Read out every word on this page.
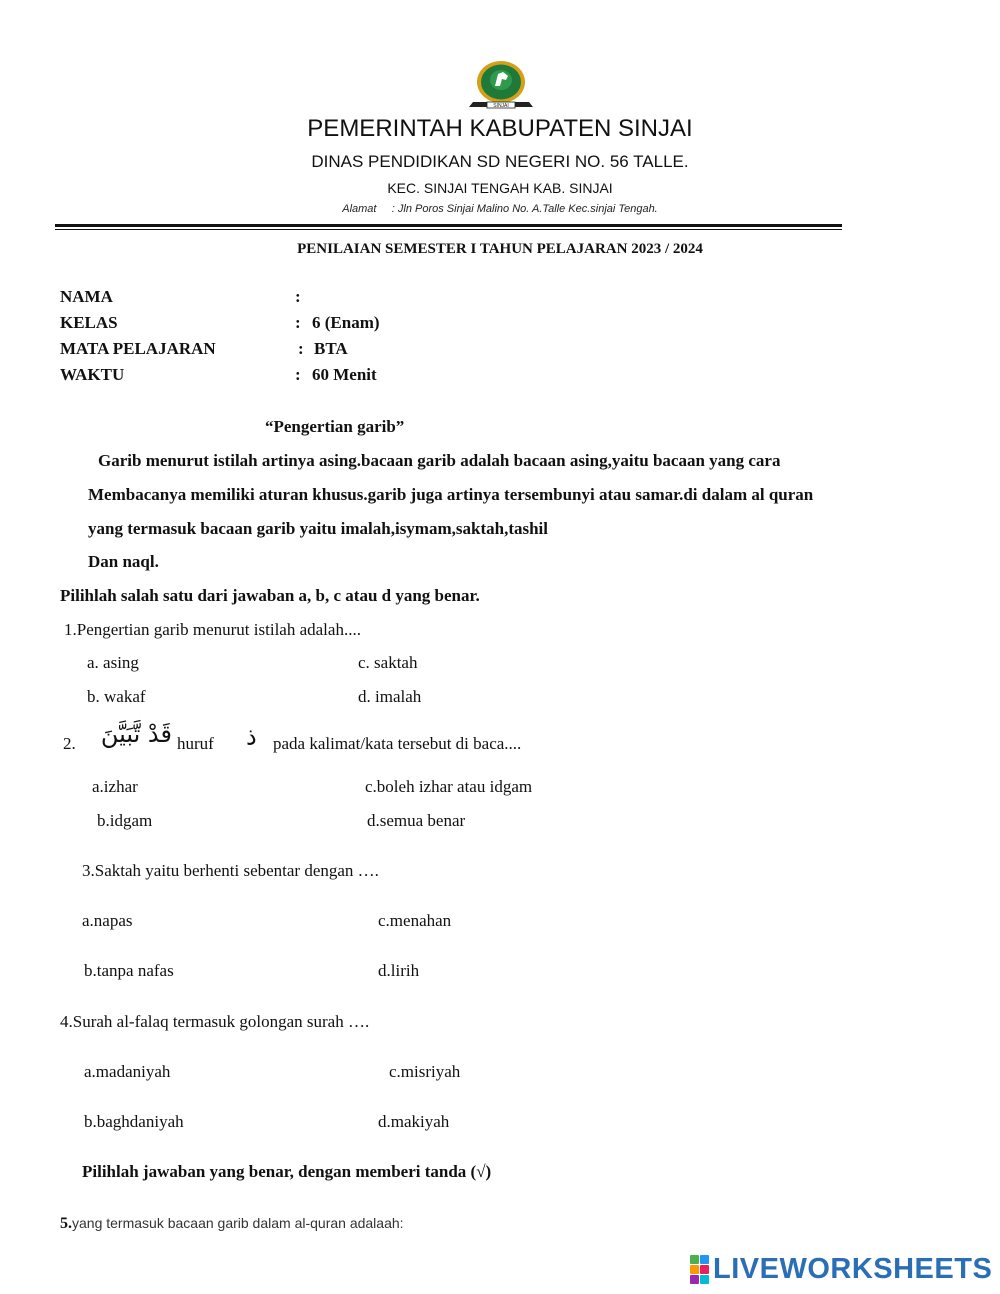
SINJAI
PEMERINTAH KABUPATEN SINJAI
DINAS PENDIDIKAN SD NEGERI NO. 56 TALLE.
KEC. SINJAI TENGAH KAB. SINJAI
Alamat : Jln Poros Sinjai Malino No. A.Talle Kec.sinjai Tengah.
PENILAIAN SEMESTER I TAHUN PELAJARAN 2023 / 2024
NAMA	:
KELAS	: 6 (Enam)
MATA PELAJARAN	: BTA
WAKTU	: 60 Menit
“Pengertian garib”
Garib menurut istilah artinya asing.bacaan garib adalah bacaan asing,yaitu bacaan yang cara
Membacanya memiliki aturan khusus.garib juga artinya tersembunyi atau samar.di dalam al quran
yang termasuk bacaan garib yaitu imalah,isymam,saktah,tashil
Dan naql.
Pilihlah salah satu dari jawaban a, b, c atau d yang benar.
1.Pengertian garib menurut istilah adalah....
a. asing	c. saktah
b. wakaf	d. imalah
2.	قَدْ تَّبَيَّنَ huruf ذ pada kalimat/kata tersebut di baca....
a.izhar	c.boleh izhar atau idgam
b.idgam	d.semua benar
3.Saktah yaitu berhenti sebentar dengan ….
a.napas	c.menahan
b.tanpa nafas	d.lirih
4.Surah al-falaq termasuk golongan surah ….
a.madaniyah	c.misriyah
b.baghdaniyah	d.makiyah
Pilihlah jawaban yang benar, dengan memberi tanda (√)
5.yang termasuk bacaan garib dalam al-quran adalaah:
LIVEWORKSHEETS
